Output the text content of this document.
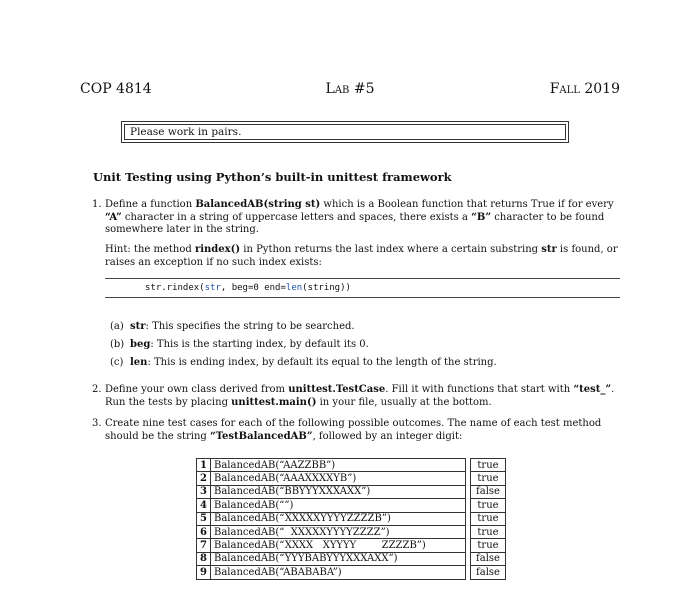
COP 4814	Lab #5	Fall 2019
Please work in pairs.
Unit Testing using Python’s built-in unittest framework
1. Define a function BalancedAB(string st) which is a Boolean function that returns True if for every “A” character in a string of uppercase letters and spaces, there exists a “B” character to be found somewhere later in the string.
Hint: the method rindex() in Python returns the last index where a certain substring str is found, or raises an exception if no such index exists:
str.rindex(str, beg=0 end=len(string))
(a) str: This specifies the string to be searched.
(b) beg: This is the starting index, by default its 0.
(c) len: This is ending index, by default its equal to the length of the string.
2. Define your own class derived from unittest.TestCase. Fill it with functions that start with “test_”. Run the tests by placing unittest.main() in your file, usually at the bottom.
3. Create nine test cases for each of the following possible outcomes. The name of each test method should be the string “TestBalancedAB”, followed by an integer digit:
1	BalancedAB(“AAZZBB”)		true
2	BalancedAB(“AAAXXXXYB”)		true
3	BalancedAB(“BBYYYXXXAXX”)		false
4	BalancedAB(“”)		true
5	BalancedAB(“XXXXXYYYYZZZZB”)		true
6	BalancedAB(“  XXXXXYYYYZZZZ”)		true
7	BalancedAB(“XXXX   XYYYY        ZZZZB”)		true
8	BalancedAB(“YYYBABYYYXXXAXX”)		false
9	BalancedAB(“ABABABA”)		false
